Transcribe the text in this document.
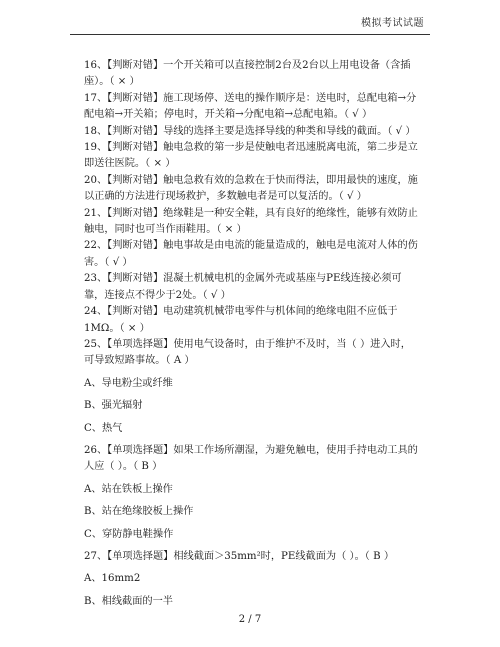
模拟考试试题

16、【判断对错】一个开关箱可以直接控制2台及2台以上用电设备（含插座）。（ × ）

17、【判断对错】施工现场停、送电的操作顺序是：送电时，总配电箱→分配电箱→开关箱；停电时，开关箱→分配电箱→总配电箱。（ √ ）

18、【判断对错】导线的选择主要是选择导线的种类和导线的截面。（ √ ）

19、【判断对错】触电急救的第一步是使触电者迅速脱离电流，第二步是立即送往医院。（ × ）

20、【判断对错】触电急救有效的急救在于快而得法，即用最快的速度，施以正确的方法进行现场救护，多数触电者是可以复活的。（ √ ）

21、【判断对错】绝缘鞋是一种安全鞋，具有良好的绝缘性，能够有效防止触电，同时也可当作雨鞋用。（ × ）

22、【判断对错】触电事故是由电流的能量造成的，触电是电流对人体的伤害。（ √ ）

23、【判断对错】混凝土机械电机的金属外壳或基座与PE线连接必须可靠，连接点不得少于2处。（ √ ）

24、【判断对错】电动建筑机械带电零件与机体间的绝缘电阻不应低于1MΩ。（ × ）

25、【单项选择题】使用电气设备时，由于维护不及时，当（ ）进入时，可导致短路事故。（ A ）

A、导电粉尘或纤维

B、强光辐射

C、热气

26、【单项选择题】如果工作场所潮湿，为避免触电，使用手持电动工具的人应（ ）。（ B ）

A、站在铁板上操作

B、站在绝缘胶板上操作

C、穿防静电鞋操作

27、【单项选择题】相线截面＞35mm²时，PE线截面为（ ）。（ B ）

A、16mm2

B、相线截面的一半

2 / 7
